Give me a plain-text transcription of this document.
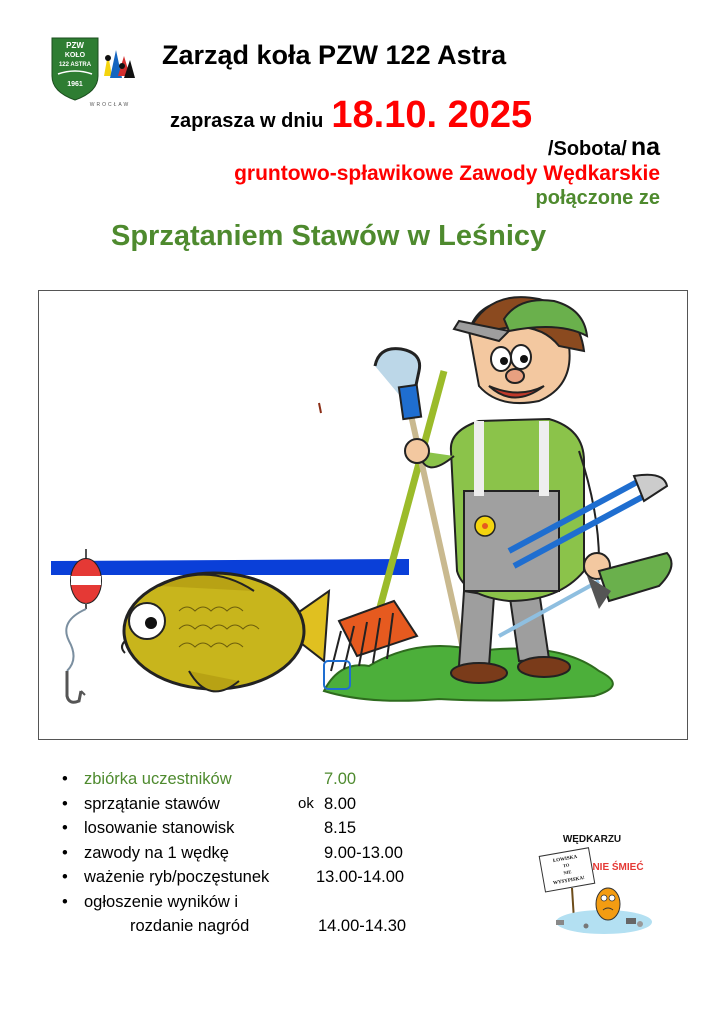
PZW
KOŁO
122 ASTRA
1961
WROCŁAW
Zarząd koła PZW 122 Astra
zaprasza w dniu 18.10. 2025
/Sobota/ na
gruntowo-spławikowe Zawody Wędkarskie
połączone ze
Sprzątaniem Stawów w Leśnicy
• zbiórka uczestników	7.00
• sprzątanie stawów	ok 8.00
• losowanie stanowisk	8.15
• zawody na 1 wędkę	9.00-13.00
• ważenie ryb/poczęstunek	13.00-14.00
• ogłoszenie wyników i
rozdanie nagród	14.00-14.30
WĘDKARZU
ŁOWISKA
TO
NIE
WYSYPISKA!
NIE ŚMIEĆ
